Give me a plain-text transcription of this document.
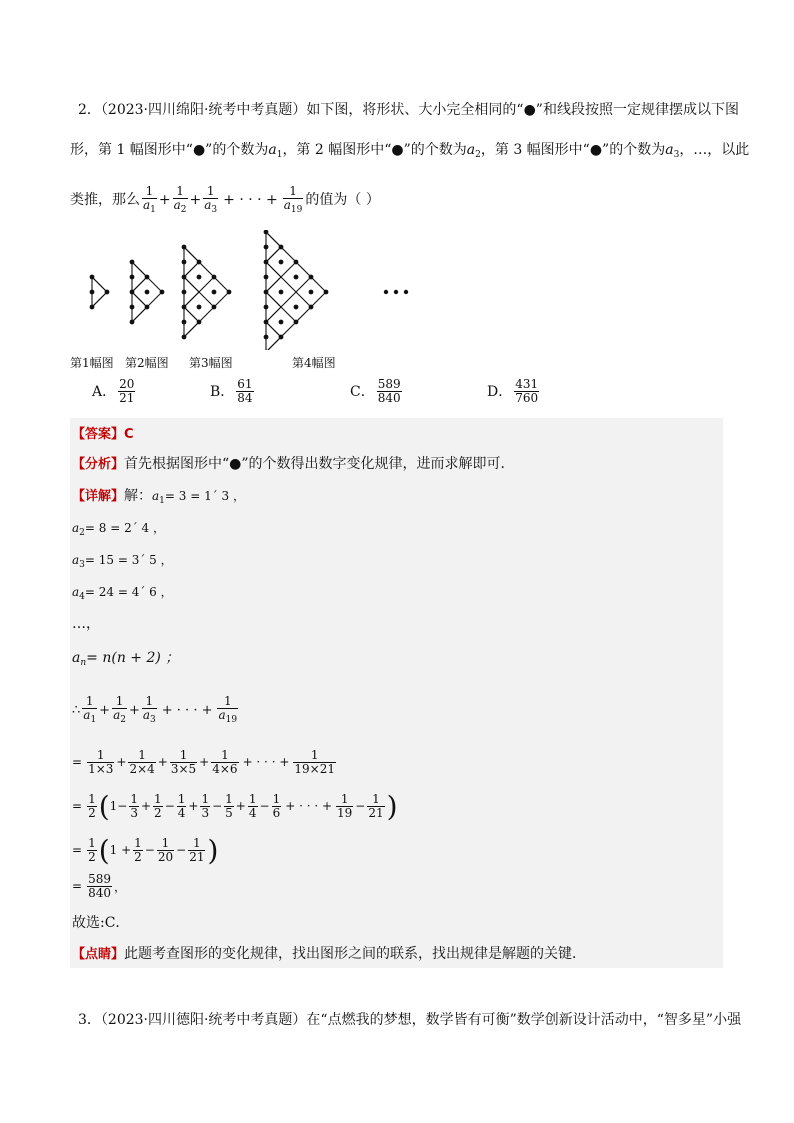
2．（2023·四川绵阳·统考中考真题）如下图，将形状、大小完全相同的“●”和线段按照一定规律摆成以下图
形，第 1 幅图形中“●”的个数为$a_1$，第 2 幅图形中“●”的个数为$a_2$，第 3 幅图形中“●”的个数为$a_3$，…，以此
类推，那么 $\frac{1}{a_1} + \frac{1}{a_2} + \frac{1}{a_3}$ + · · · + $\frac{1}{a_{19}}$ 的值为（ ）
第1幅图 第2幅图 第3幅图	第4幅图
A． $\frac{20}{21}$	B． $\frac{61}{84}$	C． $\frac{589}{840}$	D． $\frac{431}{760}$
【答案】C
【分析】首先根据图形中“●”的个数得出数字变化规律，进而求解即可．
【详解】解：$a_1= 3$ = 1´ 3 ，
$a_2= 8$ = 2´ 4 ，
$a_3= 15$ = 3´ 5 ，
$a_4= 24$ = 4´ 6 ，
…，
$a_n= n(n + 2)$ ；
∴ $\frac{1}{a_1} + \frac{1}{a_2} + \frac{1}{a_3}$ + · · · + $\frac{1}{a_{19}}$
= $\frac{1}{1\times 3} + \frac{1}{2\times 4} + \frac{1}{3\times 5} + \frac{1}{4\times 6}$ + · · · + $\frac{1}{19\times 21}$
= $\frac{1}{2}$ ( $1 - \frac{1}{3} + \frac{1}{2} - \frac{1}{4} + \frac{1}{3} - \frac{1}{5} + \frac{1}{4} - \frac{1}{6}$ + · · · + $\frac{1}{19} - \frac{1}{21}$ )
= $\frac{1}{2}$ ( $1 + \frac{1}{2} - \frac{1}{20} - \frac{1}{21}$ )
= $\frac{589}{840}$ ，
故选:C．
【点睛】此题考查图形的变化规律，找出图形之间的联系，找出规律是解题的关键．
3．（2023·四川德阳·统考中考真题）在“点燃我的梦想，数学皆有可衡”数学创新设计活动中，“智多星”小强
